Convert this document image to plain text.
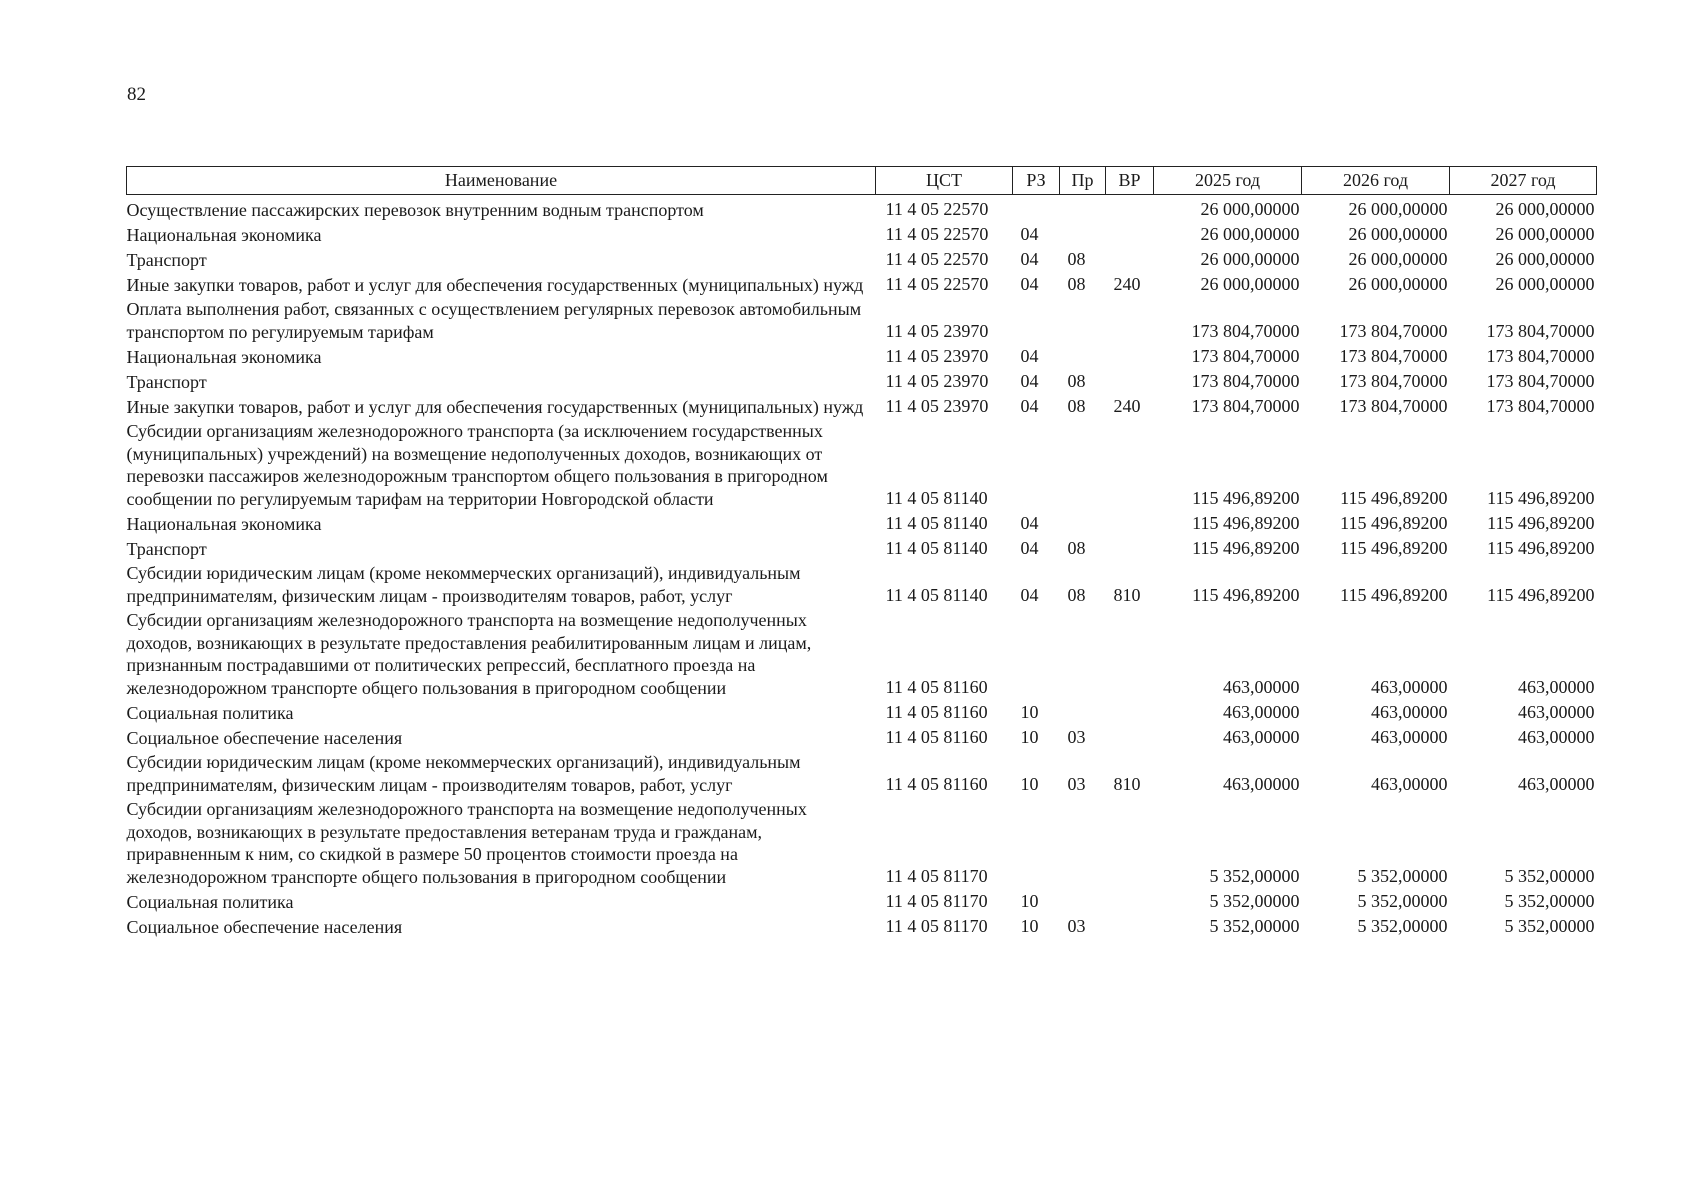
82
Наименование	ЦСТ	РЗ	Пр	ВР	2025 год	2026 год	2027 год
Осуществление пассажирских перевозок внутренним водным транспортом	11 4 05 22570				26 000,00000	26 000,00000	26 000,00000
Национальная экономика	11 4 05 22570	04			26 000,00000	26 000,00000	26 000,00000
Транспорт	11 4 05 22570	04	08		26 000,00000	26 000,00000	26 000,00000
Иные закупки товаров, работ и услуг для обеспечения государственных (муниципальных) нужд	11 4 05 22570	04	08	240	26 000,00000	26 000,00000	26 000,00000
Оплата выполнения работ, связанных с осуществлением регулярных перевозок автомобильным транспортом по регулируемым тарифам	11 4 05 23970				173 804,70000	173 804,70000	173 804,70000
Национальная экономика	11 4 05 23970	04			173 804,70000	173 804,70000	173 804,70000
Транспорт	11 4 05 23970	04	08		173 804,70000	173 804,70000	173 804,70000
Иные закупки товаров, работ и услуг для обеспечения государственных (муниципальных) нужд	11 4 05 23970	04	08	240	173 804,70000	173 804,70000	173 804,70000
Субсидии организациям железнодорожного транспорта (за исключением государственных (муниципальных) учреждений) на возмещение недополученных доходов, возникающих от перевозки пассажиров железнодорожным транспортом общего пользования в пригородном сообщении по регулируемым тарифам на территории Новгородской области	11 4 05 81140				115 496,89200	115 496,89200	115 496,89200
Национальная экономика	11 4 05 81140	04			115 496,89200	115 496,89200	115 496,89200
Транспорт	11 4 05 81140	04	08		115 496,89200	115 496,89200	115 496,89200
Субсидии юридическим лицам (кроме некоммерческих организаций), индивидуальным предпринимателям, физическим лицам - производителям товаров, работ, услуг	11 4 05 81140	04	08	810	115 496,89200	115 496,89200	115 496,89200
Субсидии организациям железнодорожного транспорта на возмещение недополученных доходов, возникающих в результате предоставления реабилитированным лицам и лицам, признанным пострадавшими от политических репрессий, бесплатного проезда на железнодорожном транспорте общего пользования в пригородном сообщении	11 4 05 81160				463,00000	463,00000	463,00000
Социальная политика	11 4 05 81160	10			463,00000	463,00000	463,00000
Социальное обеспечение населения	11 4 05 81160	10	03		463,00000	463,00000	463,00000
Субсидии юридическим лицам (кроме некоммерческих организаций), индивидуальным предпринимателям, физическим лицам - производителям товаров, работ, услуг	11 4 05 81160	10	03	810	463,00000	463,00000	463,00000
Субсидии организациям железнодорожного транспорта на возмещение недополученных доходов, возникающих в результате предоставления ветеранам труда и гражданам, приравненным к ним, со скидкой в размере 50 процентов стоимости проезда на железнодорожном транспорте общего пользования в пригородном сообщении	11 4 05 81170				5 352,00000	5 352,00000	5 352,00000
Социальная политика	11 4 05 81170	10			5 352,00000	5 352,00000	5 352,00000
Социальное обеспечение населения	11 4 05 81170	10	03		5 352,00000	5 352,00000	5 352,00000
